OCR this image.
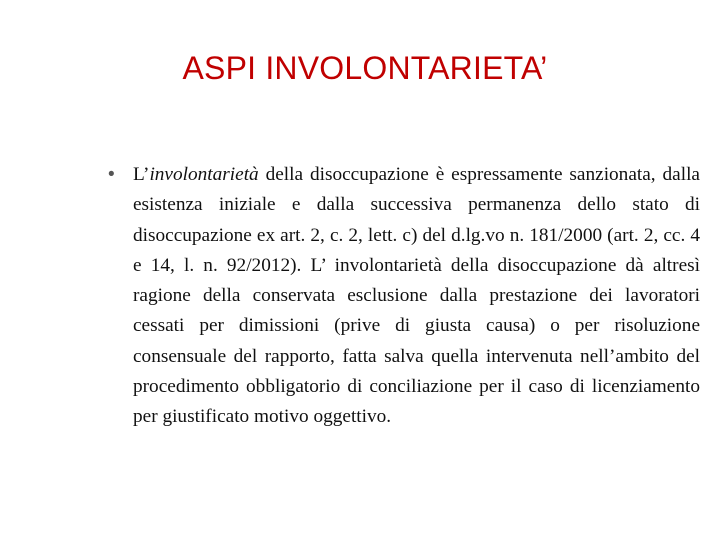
ASPI INVOLONTARIETA’
• L’involontarietà della disoccupazione è espressamente sanzionata, dalla esistenza iniziale e dalla successiva permanenza dello stato di disoccupazione ex art. 2, c. 2, lett. c) del d.lg.vo n. 181/2000 (art. 2, cc. 4 e 14, l. n. 92/2012). L’ involontarietà della disoccupazione dà altresì ragione della conservata esclusione dalla prestazione dei lavoratori cessati per dimissioni (prive di giusta causa) o per risoluzione consensuale del rapporto, fatta salva quella intervenuta nell’ambito del procedimento obbligatorio di conciliazione per il caso di licenziamento per giustificato motivo oggettivo.
